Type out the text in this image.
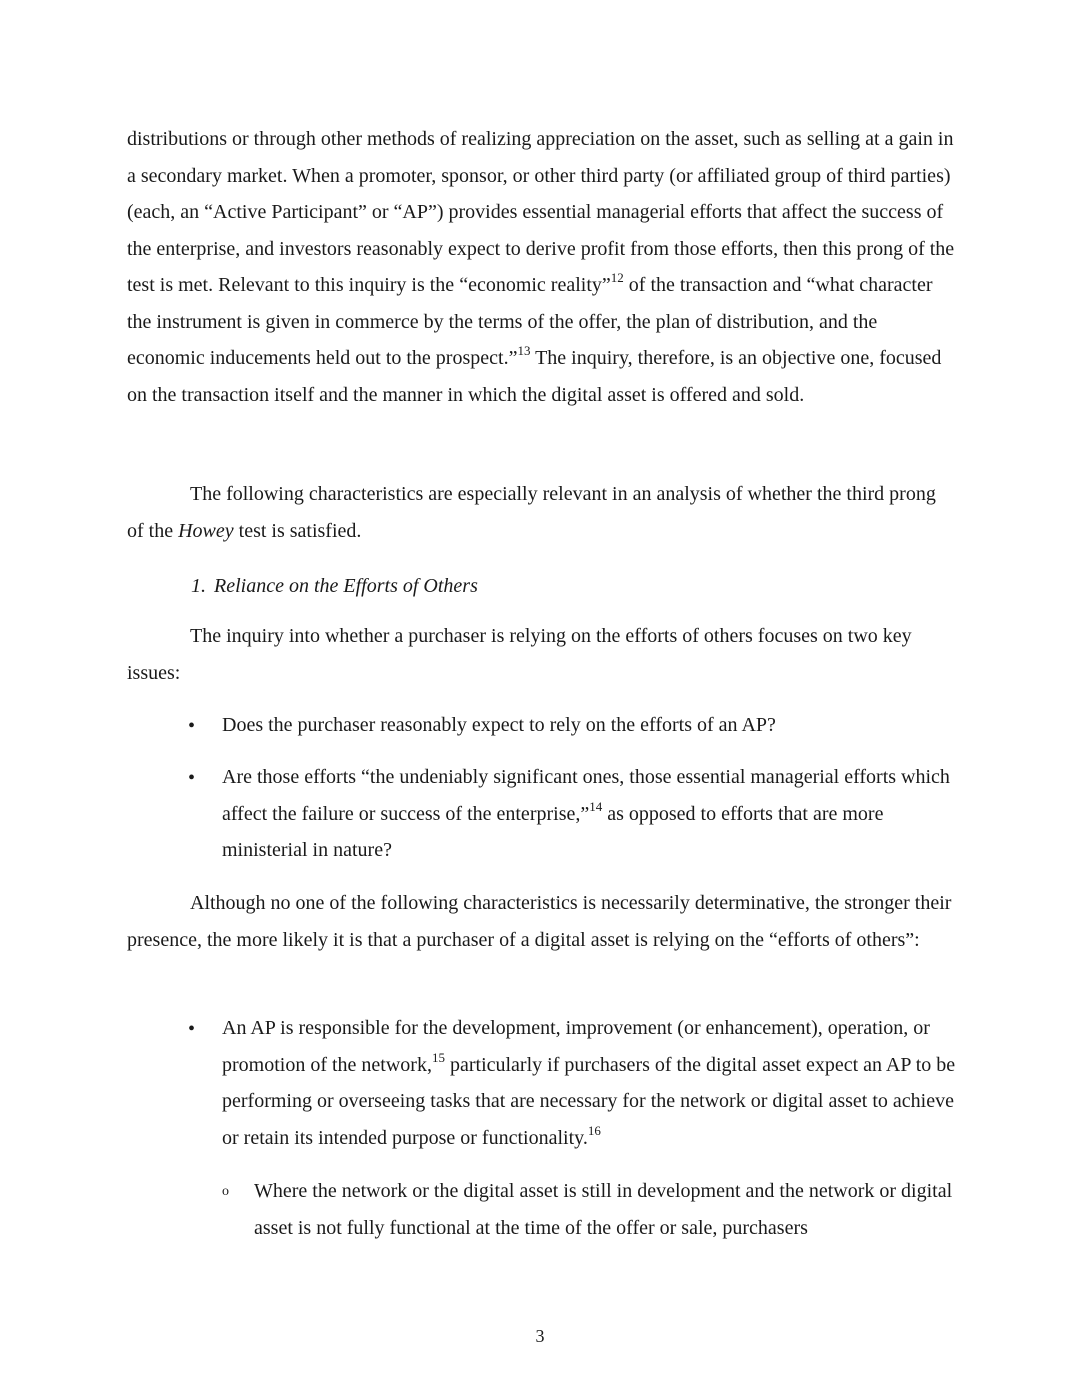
distributions or through other methods of realizing appreciation on the asset, such as selling at a gain in a secondary market. When a promoter, sponsor, or other third party (or affiliated group of third parties) (each, an “Active Participant” or “AP”) provides essential managerial efforts that affect the success of the enterprise, and investors reasonably expect to derive profit from those efforts, then this prong of the test is met. Relevant to this inquiry is the “economic reality”$^{12}$ of the transaction and “what character the instrument is given in commerce by the terms of the offer, the plan of distribution, and the economic inducements held out to the prospect.”$^{13}$ The inquiry, therefore, is an objective one, focused on the transaction itself and the manner in which the digital asset is offered and sold.

The following characteristics are especially relevant in an analysis of whether the third prong of the Howey test is satisfied.

1. Reliance on the Efforts of Others

The inquiry into whether a purchaser is relying on the efforts of others focuses on two key issues:

• Does the purchaser reasonably expect to rely on the efforts of an AP?

• Are those efforts “the undeniably significant ones, those essential managerial efforts which affect the failure or success of the enterprise,”$^{14}$ as opposed to efforts that are more ministerial in nature?

Although no one of the following characteristics is necessarily determinative, the stronger their presence, the more likely it is that a purchaser of a digital asset is relying on the “efforts of others”:

• An AP is responsible for the development, improvement (or enhancement), operation, or promotion of the network,$^{15}$ particularly if purchasers of the digital asset expect an AP to be performing or overseeing tasks that are necessary for the network or digital asset to achieve or retain its intended purpose or functionality.$^{16}$

o Where the network or the digital asset is still in development and the network or digital asset is not fully functional at the time of the offer or sale, purchasers

3
